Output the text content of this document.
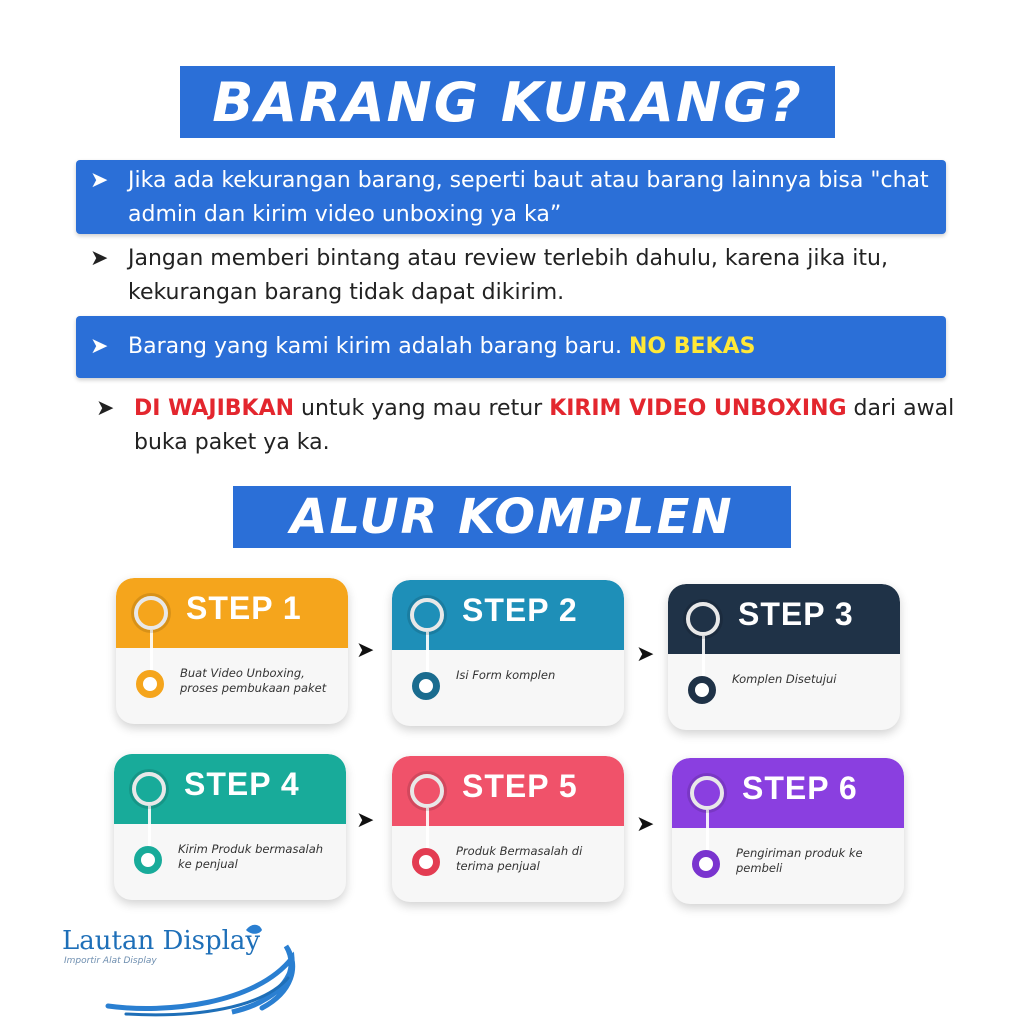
BARANG KURANG?
➤ Jika ada kekurangan barang, seperti baut atau barang lainnya bisa "chat admin dan kirim video unboxing ya ka”
➤ Jangan memberi bintang atau review terlebih dahulu, karena jika itu, kekurangan barang tidak dapat dikirim.
➤ Barang yang kami kirim adalah barang baru. NO BEKAS
➤ DI WAJIBKAN untuk yang mau retur KIRIM VIDEO UNBOXING dari awal buka paket ya ka.
ALUR KOMPLEN
STEP 1
Buat Video Unboxing, proses pembukaan paket
STEP 2
Isi Form komplen
STEP 3
Komplen Disetujui
STEP 4
Kirim Produk bermasalah ke penjual
STEP 5
Produk Bermasalah di terima penjual
STEP 6
Pengiriman produk ke pembeli
➤	➤
➤	➤
Lautan Display
Importir Alat Display
